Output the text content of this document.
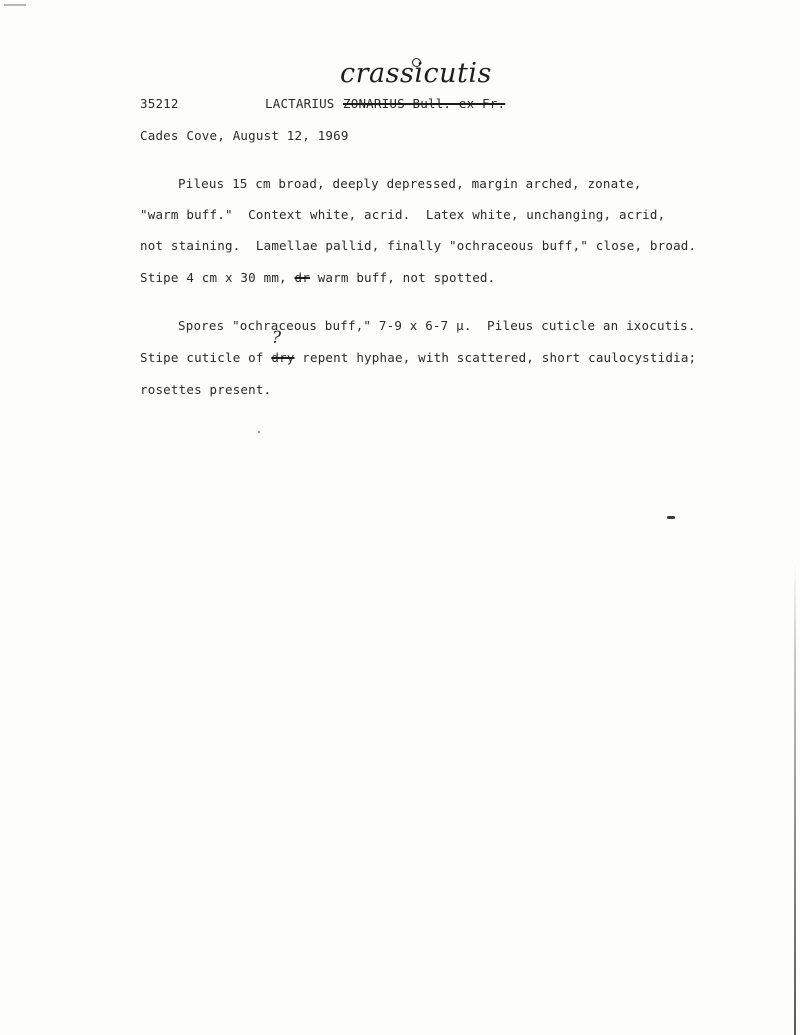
35212	LACTARIUS ZONARIUS Bull. ex Fr.
crassicutis
Cades Cove, August 12, 1969
Pileus 15 cm broad, deeply depressed, margin arched, zonate,
"warm buff."  Context white, acrid.  Latex white, unchanging, acrid,
not staining.  Lamellae pallid, finally "ochraceous buff," close, broad.
Stipe 4 cm x 30 mm, dr warm buff, not spotted.
Spores "ochraceous buff," 7-9 x 6-7 µ.  Pileus cuticle an ixocutis.
?
Stipe cuticle of dry repent hyphae, with scattered, short caulocystidia;
rosettes present.
